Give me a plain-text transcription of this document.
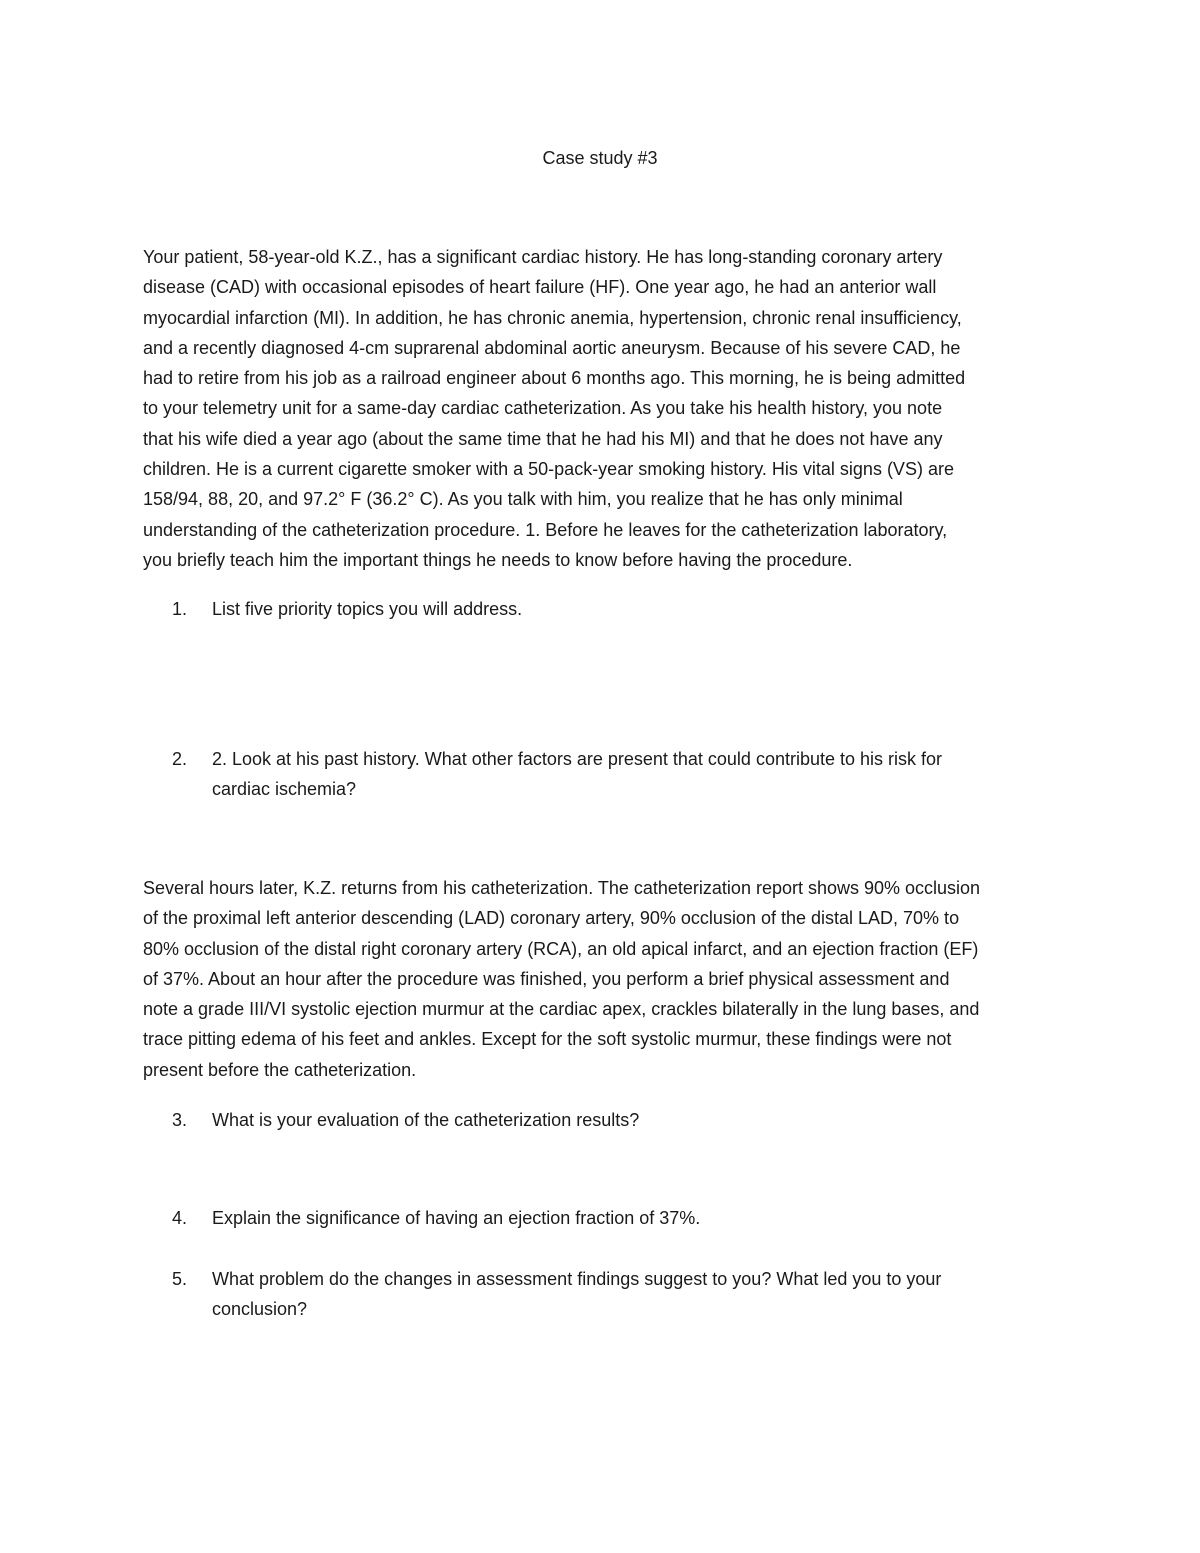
Case study #3

Your patient, 58-year-old K.Z., has a significant cardiac history. He has long-standing coronary artery
disease (CAD) with occasional episodes of heart failure (HF). One year ago, he had an anterior wall
myocardial infarction (MI). In addition, he has chronic anemia, hypertension, chronic renal insufficiency,
and a recently diagnosed 4-cm suprarenal abdominal aortic aneurysm. Because of his severe CAD, he
had to retire from his job as a railroad engineer about 6 months ago. This morning, he is being admitted
to your telemetry unit for a same-day cardiac catheterization. As you take his health history, you note
that his wife died a year ago (about the same time that he had his MI) and that he does not have any
children. He is a current cigarette smoker with a 50-pack-year smoking history. His vital signs (VS) are
158/94, 88, 20, and 97.2° F (36.2° C). As you talk with him, you realize that he has only minimal
understanding of the catheterization procedure. 1. Before he leaves for the catheterization laboratory,
you briefly teach him the important things he needs to know before having the procedure.

1.	List five priority topics you will address.
2.	2. Look at his past history. What other factors are present that could contribute to his risk for
cardiac ischemia?

Several hours later, K.Z. returns from his catheterization. The catheterization report shows 90% occlusion
of the proximal left anterior descending (LAD) coronary artery, 90% occlusion of the distal LAD, 70% to
80% occlusion of the distal right coronary artery (RCA), an old apical infarct, and an ejection fraction (EF)
of 37%. About an hour after the procedure was finished, you perform a brief physical assessment and
note a grade III/VI systolic ejection murmur at the cardiac apex, crackles bilaterally in the lung bases, and
trace pitting edema of his feet and ankles. Except for the soft systolic murmur, these findings were not
present before the catheterization.

3.	What is your evaluation of the catheterization results?
4.	Explain the significance of having an ejection fraction of 37%.
5.	What problem do the changes in assessment findings suggest to you? What led you to your
conclusion?
